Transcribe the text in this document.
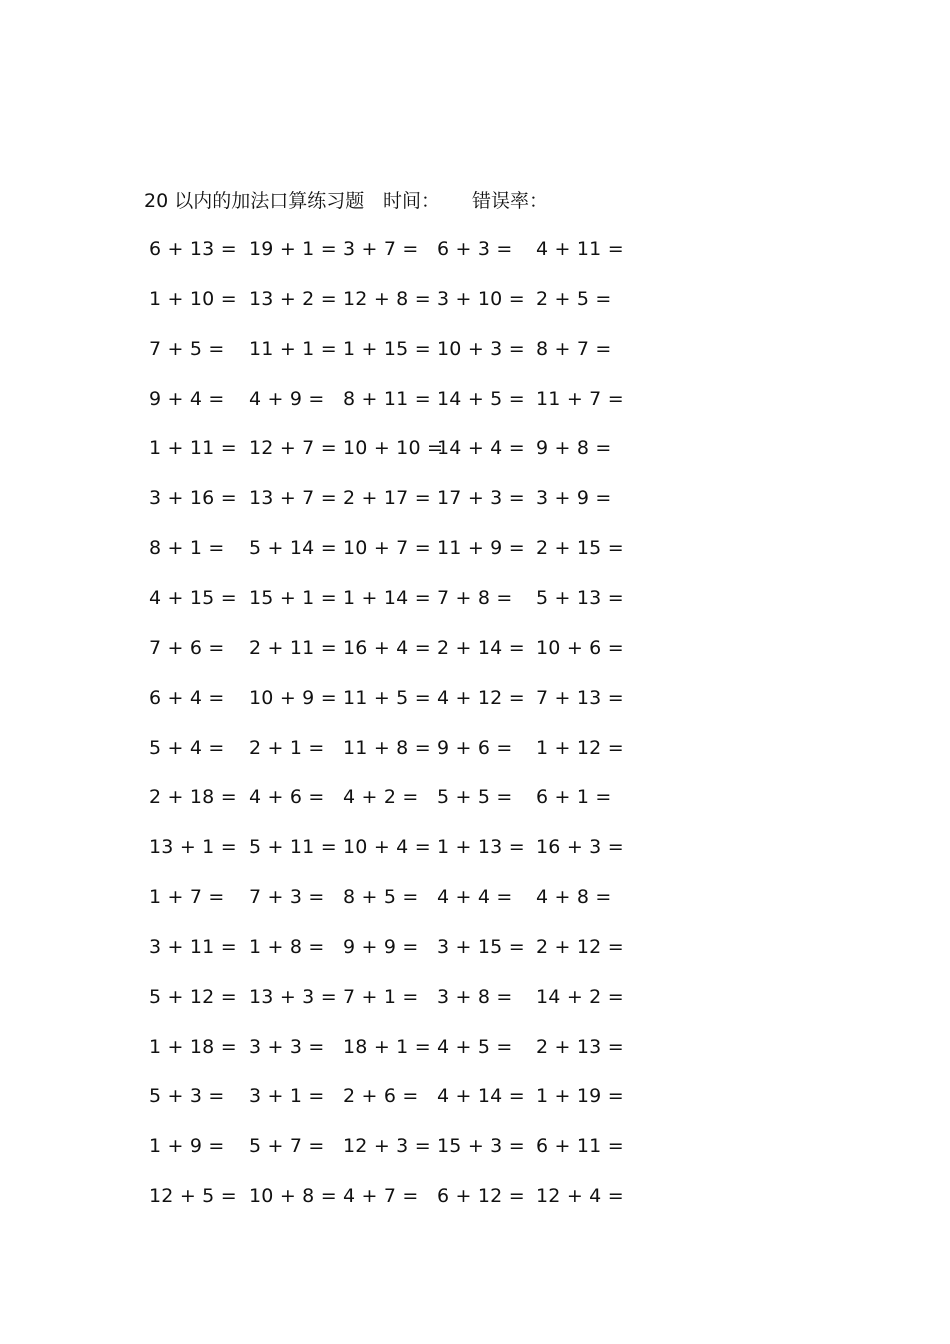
20 以内的加法口算练习题 时间： 错误率：
6 + 13 = 19 + 1 = 3 + 7 = 6 + 3 = 4 + 11 =
1 + 10 = 13 + 2 = 12 + 8 = 3 + 10 = 2 + 5 =
7 + 5 = 11 + 1 = 1 + 15 = 10 + 3 = 8 + 7 =
9 + 4 = 4 + 9 = 8 + 11 = 14 + 5 = 11 + 7 =
1 + 11 = 12 + 7 = 10 + 10 =
14 + 4 = 9 + 8 =
3 + 16 = 13 + 7 = 2 + 17 = 17 + 3 = 3 + 9 =
8 + 1 = 5 + 14 = 10 + 7 = 11 + 9 = 2 + 15 =
4 + 15 = 15 + 1 = 1 + 14 = 7 + 8 = 5 + 13 =
7 + 6 = 2 + 11 = 16 + 4 = 2 + 14 = 10 + 6 =
6 + 4 = 10 + 9 = 11 + 5 = 4 + 12 = 7 + 13 =
5 + 4 = 2 + 1 = 11 + 8 = 9 + 6 = 1 + 12 =
2 + 18 = 4 + 6 = 4 + 2 = 5 + 5 = 6 + 1 =
13 + 1 = 5 + 11 = 10 + 4 = 1 + 13 = 16 + 3 =
1 + 7 = 7 + 3 = 8 + 5 = 4 + 4 = 4 + 8 =
3 + 11 = 1 + 8 = 9 + 9 = 3 + 15 = 2 + 12 =
5 + 12 = 13 + 3 = 7 + 1 = 3 + 8 = 14 + 2 =
1 + 18 = 3 + 3 = 18 + 1 = 4 + 5 = 2 + 13 =
5 + 3 = 3 + 1 = 2 + 6 = 4 + 14 = 1 + 19 =
1 + 9 = 5 + 7 = 12 + 3 = 15 + 3 = 6 + 11 =
12 + 5 = 10 + 8 = 4 + 7 = 6 + 12 = 12 + 4 =
